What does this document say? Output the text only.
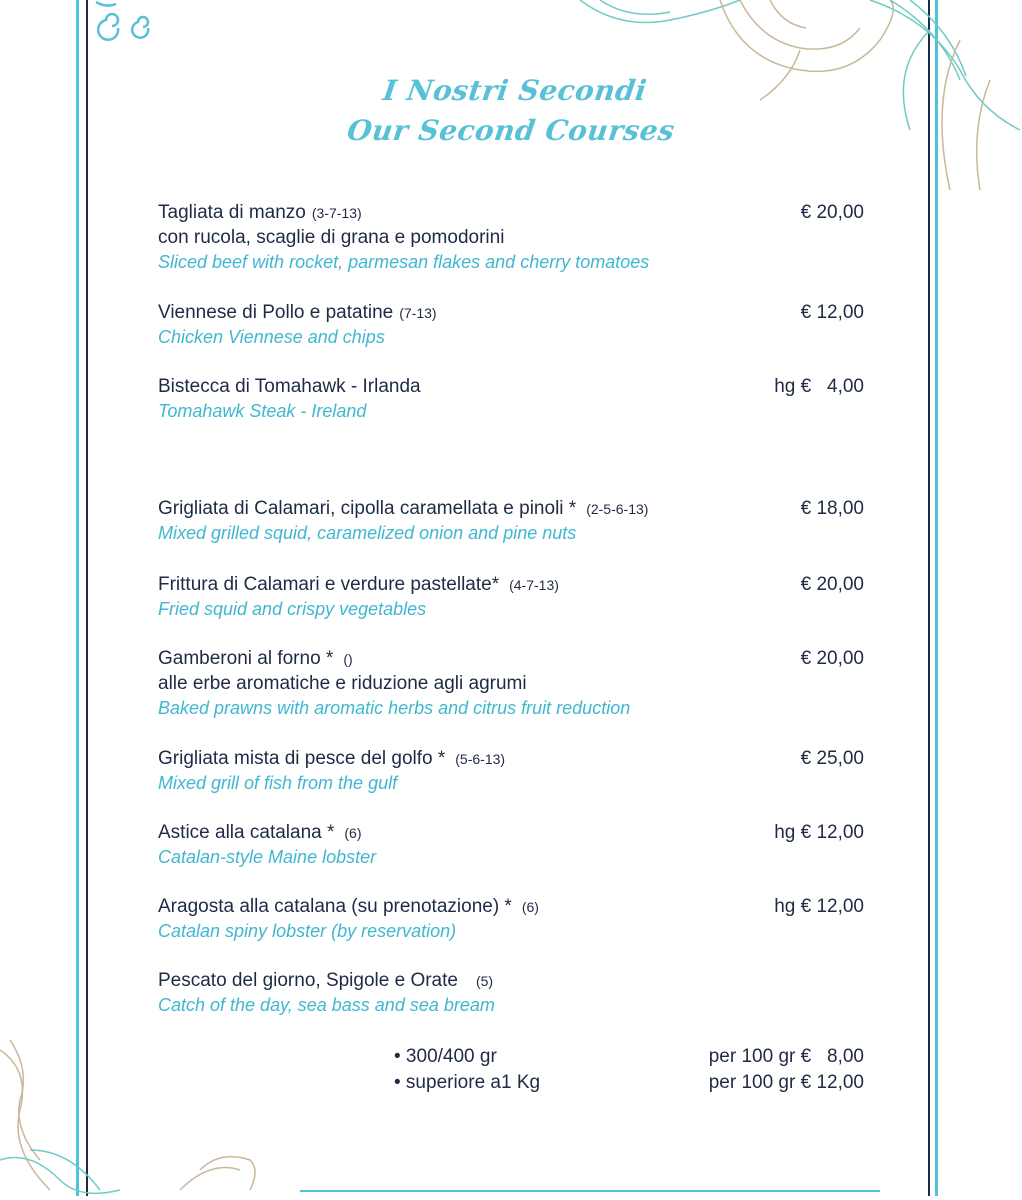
I Nostri Secondi
Our Second Courses
Tagliata di manzo (3-7-13)	€ 20,00
con rucola, scaglie di grana e pomodorini
Sliced beef with rocket, parmesan flakes and cherry tomatoes
Viennese di Pollo e patatine (7-13)	€ 12,00
Chicken Viennese and chips
Bistecca di Tomahawk - Irlanda	hg €   4,00
Tomahawk Steak - Ireland
Grigliata di Calamari, cipolla caramellata e pinoli * (2-5-6-13)	€ 18,00
Mixed grilled squid, caramelized onion and pine nuts
Frittura di Calamari e verdure pastellate* (4-7-13)	€ 20,00
Fried squid and crispy vegetables
Gamberoni al forno * ()	€ 20,00
alle erbe aromatiche e riduzione agli agrumi
Baked prawns with aromatic herbs and citrus fruit reduction
Grigliata mista di pesce del golfo * (5-6-13)	€ 25,00
Mixed grill of fish from the gulf
Astice alla catalana * (6)	hg € 12,00
Catalan-style Maine lobster
Aragosta alla catalana (su prenotazione) * (6)	hg € 12,00
Catalan spiny lobster (by reservation)
Pescato del giorno, Spigole e Orate (5)
Catch of the day, sea bass and sea bream
• 300/400 gr	per 100 gr €   8,00
• superiore a1 Kg	per 100 gr € 12,00
